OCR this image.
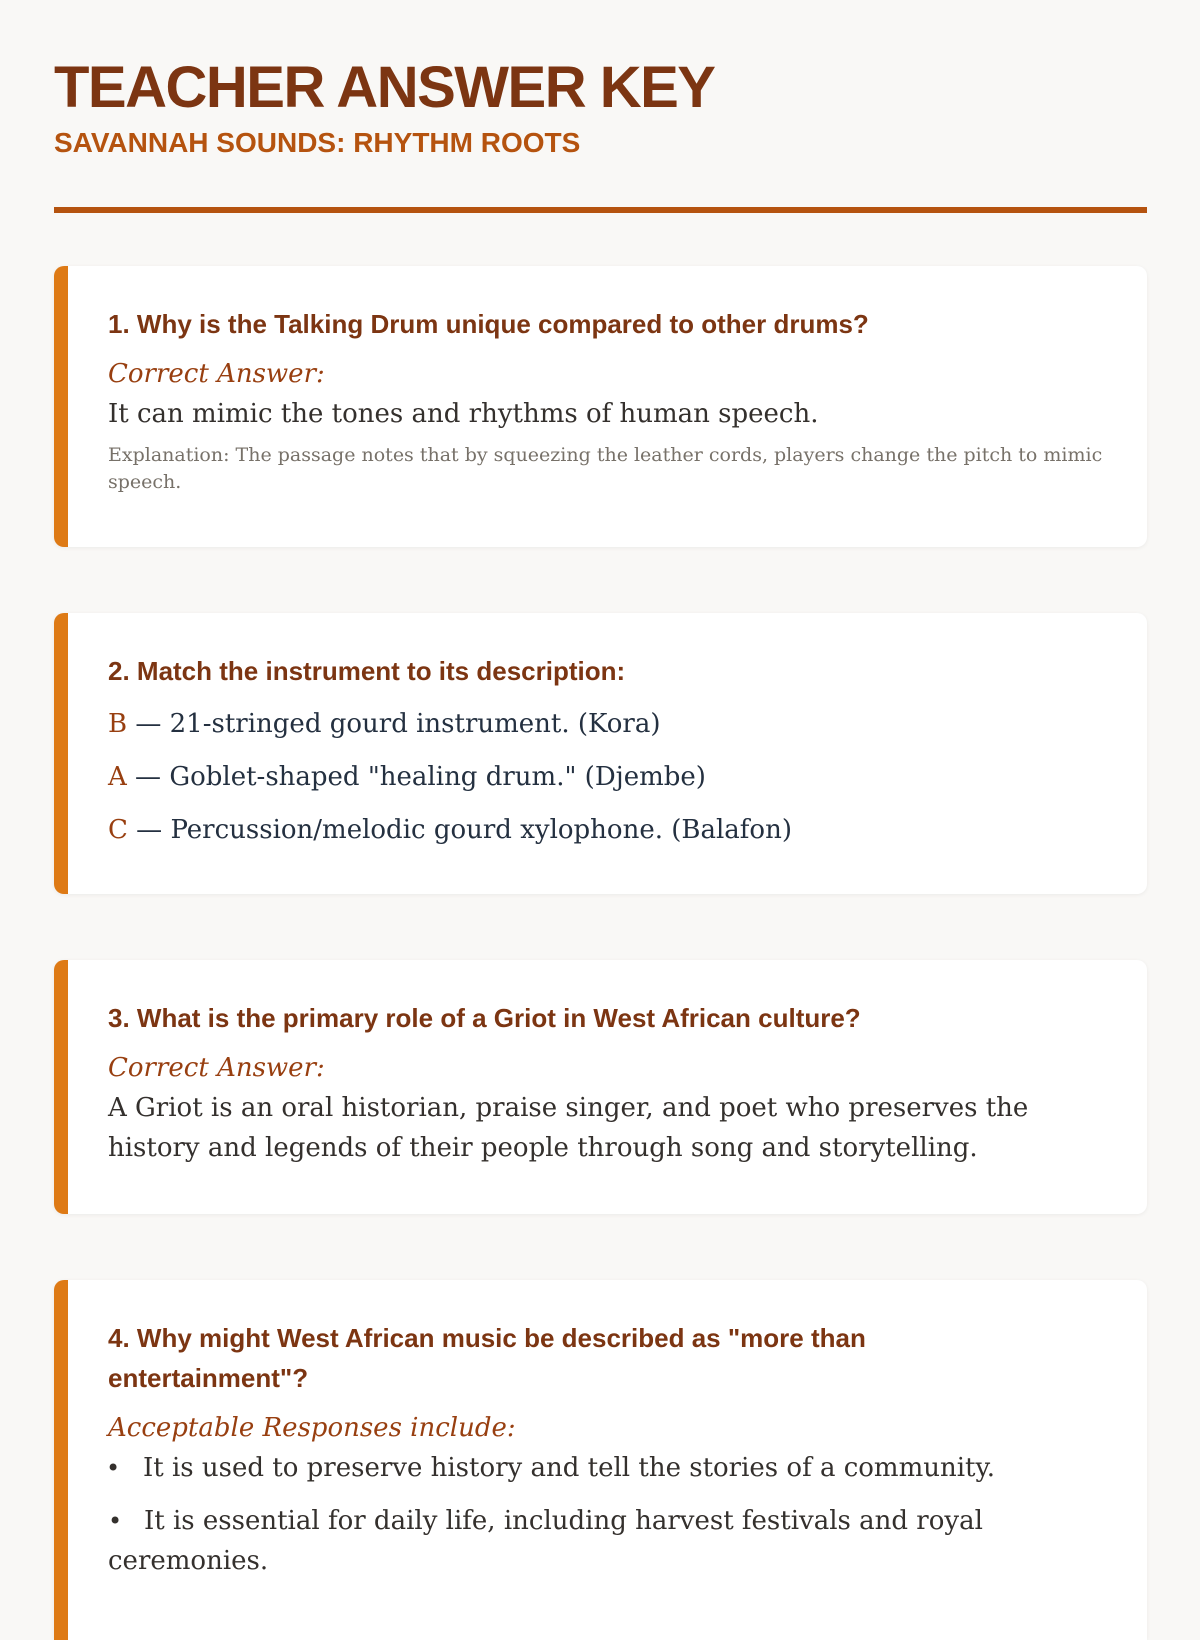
TEACHER ANSWER KEY
SAVANNAH SOUNDS: RHYTHM ROOTS
1. Why is the Talking Drum unique compared to other drums?
Correct Answer:
It can mimic the tones and rhythms of human speech.
Explanation: The passage notes that by squeezing the leather cords, players change the pitch to mimic speech.
2. Match the instrument to its description:
B — 21-stringed gourd instrument. (Kora)
A — Goblet-shaped "healing drum." (Djembe)
C — Percussion/melodic gourd xylophone. (Balafon)
3. What is the primary role of a Griot in West African culture?
Correct Answer:
A Griot is an oral historian, praise singer, and poet who preserves the history and legends of their people through song and storytelling.
4. Why might West African music be described as "more than entertainment"?
Acceptable Responses include:
• It is used to preserve history and tell the stories of a community.
• It is essential for daily life, including harvest festivals and royal ceremonies.
